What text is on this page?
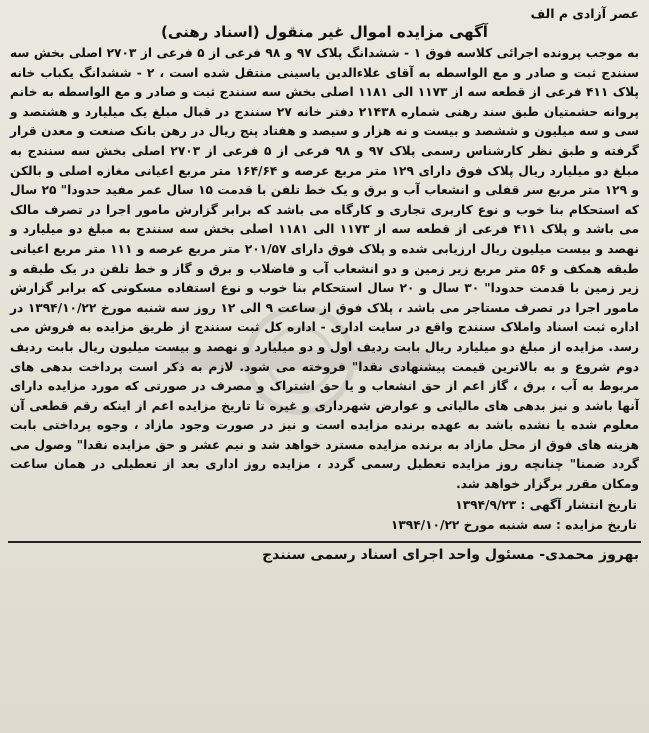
عصر آزادی م الف
آگهی مزایده اموال غیر منقول (اسناد رهنی)

به موجب پرونده اجرائی کلاسه فوق ۱ - ششدانگ پلاک ۹۷ و ۹۸ فرعی از ۵ فرعی از ۲۷۰۳ اصلی بخش سه سنندج ثبت و صادر و مع الواسطه به آقای علاءالدین یاسینی منتقل شده است ، ۲ - ششدانگ یکباب خانه پلاک ۴۱۱ فرعی از قطعه سه از ۱۱۷۳ الی ۱۱۸۱ اصلی بخش سه سنندج ثبت و صادر و مع الواسطه به خانم پروانه حشمتیان طبق سند رهنی شماره ۲۱۴۳۸ دفتر خانه ۲۷ سنندج در قبال مبلغ یک میلیارد و هشتصد و سی و سه میلیون و ششصد و بیست و نه هزار و سیصد و هفتاد پنج ریال در رهن بانک صنعت و معدن قرار گرفته و طبق نظر کارشناس رسمی پلاک ۹۷ و ۹۸ فرعی از ۵ فرعی از ۲۷۰۳ اصلی بخش سه سنندج به مبلغ دو میلیارد ریال پلاک فوق دارای ۱۲۹ متر مربع عرصه و ۱۶۴/۶۴ متر مربع اعیانی مغازه اصلی و بالکن و ۱۲۹ متر مربع سر قفلی و انشعاب آب و برق و یک خط تلفن با قدمت ۱۵ سال عمر مفید حدودا" ۲۵ سال که استحکام بنا خوب و نوع کاربری تجاری و کارگاه می باشد که برابر گزارش مامور اجرا در تصرف مالک می باشد و پلاک ۴۱۱ فرعی از قطعه سه از ۱۱۷۳ الی ۱۱۸۱ اصلی بخش سه سنندج به مبلغ دو میلیارد و نهصد و بیست میلیون ریال ارزیابی شده و پلاک فوق دارای ۲۰۱/۵۷ متر مربع عرصه و ۱۱۱ متر مربع اعیانی طبقه همکف و ۵۶ متر مربع زیر زمین و دو انشعاب آب و فاضلاب و برق و گاز و خط تلفن در یک طبقه و زیر زمین با قدمت حدودا" ۳۰ سال و ۲۰ سال استحکام بنا خوب و نوع استفاده مسکونی که برابر گزارش مامور اجرا در تصرف مستاجر می باشد ، پلاک فوق از ساعت ۹ الی ۱۲ روز سه شنبه مورخ ۱۳۹۴/۱۰/۲۲ در اداره ثبت اسناد واملاک سنندج واقع در سایت اداری - اداره کل ثبت سنندج از طریق مزایده به فروش می رسد. مزایده از مبلغ دو میلیارد ریال بابت ردیف اول و دو میلیارد و نهصد و بیست میلیون ریال بابت ردیف دوم شروع و به بالاترین قیمت پیشنهادی نقدا" فروخته می شود. لازم به ذکر است پرداخت بدهی های مربوط به آب ، برق ، گاز اعم از حق انشعاب و یا حق اشتراک و مصرف در صورتی که مورد مزایده دارای آنها باشد و نیز بدهی های مالیاتی و عوارض شهرداری و غیره تا تاریخ مزایده اعم از اینکه رقم قطعی آن معلوم شده یا نشده باشد به عهده برنده مزایده است و نیز در صورت وجود مازاد ، وجوه پرداختی بابت هزینه های فوق از محل مازاد به برنده مزایده مسترد خواهد شد و نیم عشر و حق مزایده نقدا" وصول می گردد ضمنا" چنانچه روز مزایده تعطیل رسمی گردد ، مزایده روز اداری بعد از تعطیلی در همان ساعت ومکان مقرر برگزار خواهد شد.

تاریخ انتشار آگهی : ۱۳۹۴/۹/۲۳
تاریخ مزایده : سه شنبه مورخ ۱۳۹۴/۱۰/۲۲
بهروز محمدی- مسئول واحد اجرای اسناد رسمی سنندج
